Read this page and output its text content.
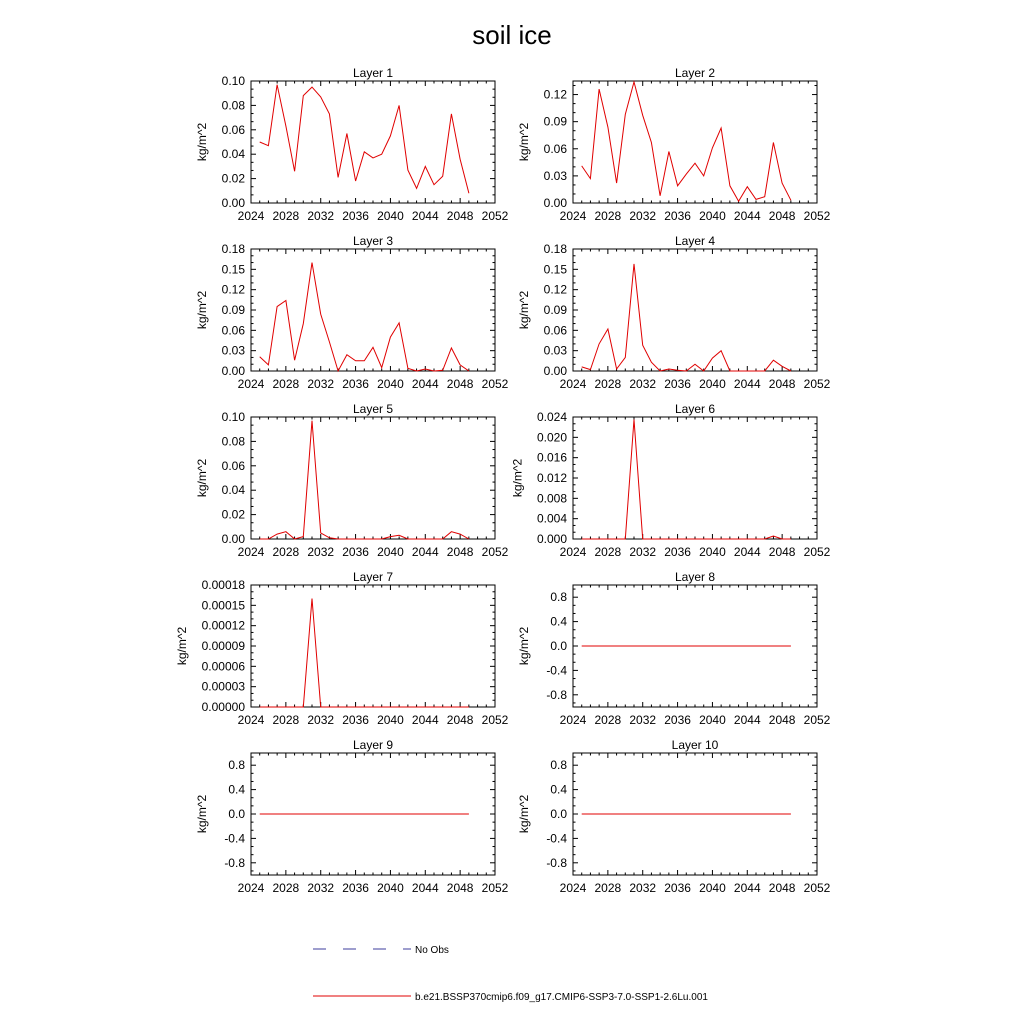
soil ice
Layer 1
2024 2028 2032 2036 2040 2044 2048 2052
0.00
0.02
0.04
0.06
0.08
0.10
kg/m^2
Layer 2
2024 2028 2032 2036 2040 2044 2048 2052
0.00
0.03
0.06
0.09
0.12
kg/m^2
Layer 3
2024 2028 2032 2036 2040 2044 2048 2052
0.00
0.03
0.06
0.09
0.12
0.15
0.18
kg/m^2
Layer 4
2024 2028 2032 2036 2040 2044 2048 2052
0.00
0.03
0.06
0.09
0.12
0.15
0.18
kg/m^2
Layer 5
2024 2028 2032 2036 2040 2044 2048 2052
0.00
0.02
0.04
0.06
0.08
0.10
kg/m^2
Layer 6
2024 2028 2032 2036 2040 2044 2048 2052
0.000
0.004
0.008
0.012
0.016
0.020
0.024
kg/m^2
Layer 7
2024 2028 2032 2036 2040 2044 2048 2052
0.00000
0.00003
0.00006
0.00009
0.00012
0.00015
0.00018
kg/m^2
Layer 8
2024 2028 2032 2036 2040 2044 2048 2052
-0.8
-0.4
0.0
0.4
0.8
kg/m^2
Layer 9
2024 2028 2032 2036 2040 2044 2048 2052
-0.8
-0.4
0.0
0.4
0.8
kg/m^2
Layer 10
2024 2028 2032 2036 2040 2044 2048 2052
-0.8
-0.4
0.0
0.4
0.8
kg/m^2
No Obs
b.e21.BSSP370cmip6.f09_g17.CMIP6-SSP3-7.0-SSP1-2.6Lu.001
